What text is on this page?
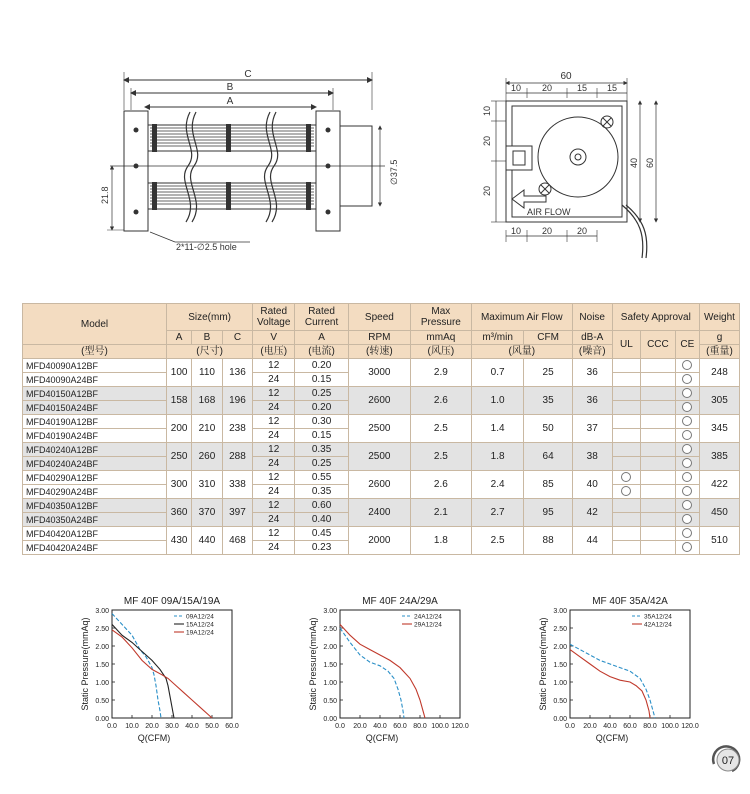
C
B
A
21.8
∅37.5
2*11-∅2.5 hole
60
10 20	15 15
10 20	20
10
20
20
40 60
AIR FLOW
Model	Size(mm)			Rated Voltage	Rated Current	Speed	Max Pressure	Maximum Air Flow		Noise	Safety Approval			Weight
	A	B	C	V	A	RPM	mmAq	m³/min	CFM	dB-A	UL	CCC	CE	g
(型号)	(尺寸)			(电压)	(电流)	(转速)	(风压)	(风量)		(噪音)				(重量)
MFD40090A12BF	100	110	136	12	0.20	3000	2.9	0.7	25	36				248
MFD40090A24BF				24	0.15									
MFD40150A12BF	158	168	196	12	0.25	2600	2.6	1.0	35	36				305
MFD40150A24BF				24	0.20									
MFD40190A12BF	200	210	238	12	0.30	2500	2.5	1.4	50	37				345
MFD40190A24BF				24	0.15									
MFD40240A12BF	250	260	288	12	0.35	2500	2.5	1.8	64	38				385
MFD40240A24BF				24	0.25									
MFD40290A12BF	300	310	338	12	0.55	2600	2.6	2.4	85	40				422
MFD40290A24BF				24	0.35									
MFD40350A12BF	360	370	397	12	0.60	2400	2.1	2.7	95	42				450
MFD40350A24BF				24	0.40									
MFD40420A12BF	430	440	468	12	0.45	2000	1.8	2.5	88	44				510
MFD40420A24BF				24	0.23									
MF 40F 09A/15A/19A
0.00
0.50
1.00
1.50
2.00
2.50
3.00
0.0 10.0 20.0 30.0 40.0 50.0 60.0
Q(CFM)
Static Pressure(mmAq)
09A12/24
15A12/24
19A12/24
MF 40F 24A/29A
0.00
0.50
1.00
1.50
2.00
2.50
3.00
0.0 20.0 40.0 60.0 80.0 100.0 120.0
Q(CFM)
Static Pressure(mmAq)
24A12/24
29A12/24
MF 40F 35A/42A
0.00
0.50
1.00
1.50
2.00
2.50
3.00
0.0 20.0 40.0 60.0 80.0 100.0 120.0
Q(CFM)
Static Pressure(mmAq)
35A12/24
42A12/24
07
